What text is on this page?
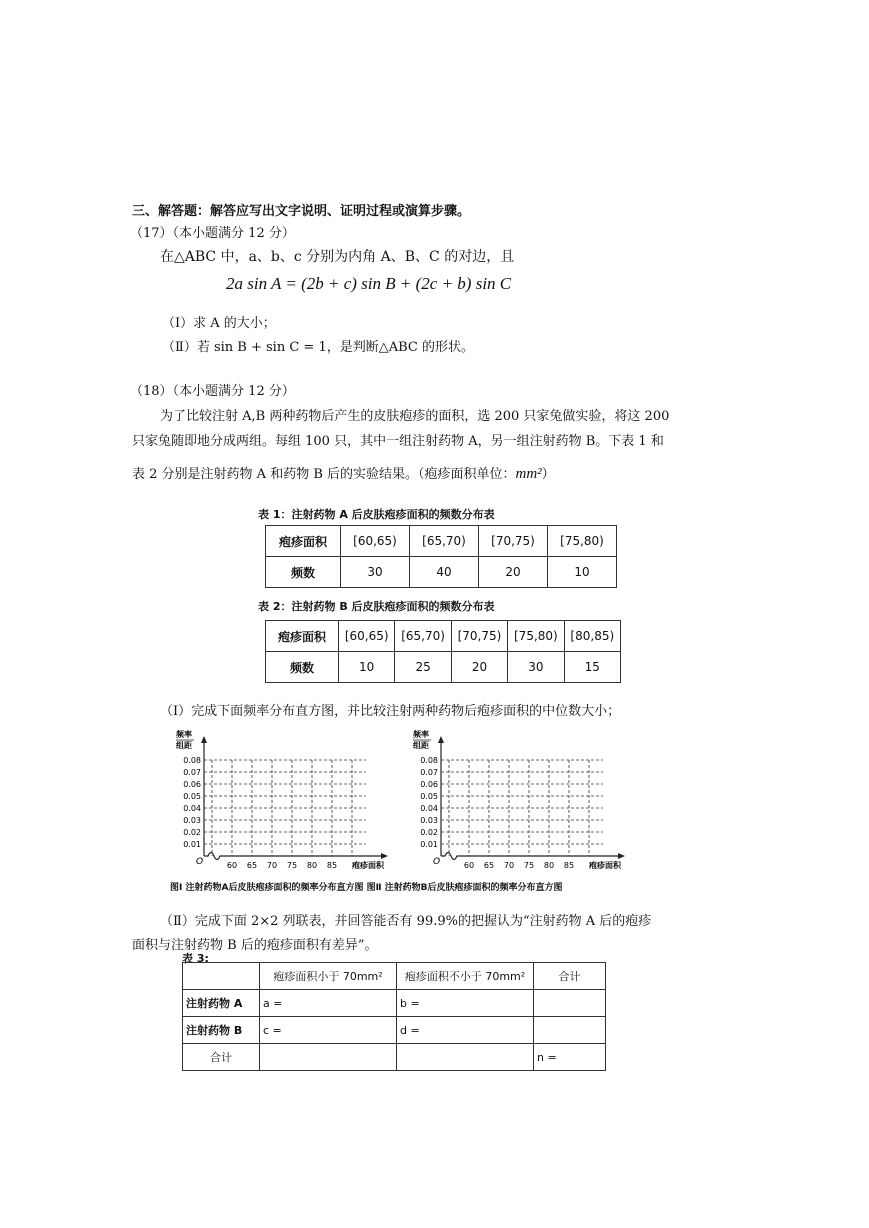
三、解答题：解答应写出文字说明、证明过程或演算步骤。
（17）（本小题满分 12 分）
在△ABC 中，a、b、c 分别为内角 A、B、C 的对边，且
2a sin A = (2b + c) sin B + (2c + b) sin C
（Ⅰ）求 A 的大小；
（Ⅱ）若 sin B + sin C = 1，是判断△ABC 的形状。
（18）（本小题满分 12 分）
为了比较注射 A,B 两种药物后产生的皮肤疱疹的面积，选 200 只家兔做实验，将这 200
只家兔随即地分成两组。每组 100 只，其中一组注射药物 A，另一组注射药物 B。下表 1 和
表 2 分别是注射药物 A 和药物 B 后的实验结果。（疱疹面积单位：mm²）
表 1：注射药物 A 后皮肤疱疹面积的频数分布表
疱疹面积	[60,65)	[65,70)	[70,75)	[75,80)
频数	30	40	20	10
表 2：注射药物 B 后皮肤疱疹面积的频数分布表
疱疹面积	[60,65)	[65,70)	[70,75)	[75,80)	[80,85)
频数	10	25	20	30	15
（Ⅰ）完成下面频率分布直方图，并比较注射两种药物后疱疹面积的中位数大小；
频率
组距
0.08
0.07
0.06
0.05
0.04
0.03
0.02
0.01
60 65 70 75 80 85 疱疹面积
O
频率
组距
0.08
0.07
0.06
0.05
0.04
0.03
0.02
0.01
60 65 70 75 80 85 疱疹面积
O
图Ⅰ 注射药物A后皮肤疱疹面积的频率分布直方图 图Ⅱ 注射药物B后皮肤疱疹面积的频率分布直方图
（Ⅱ）完成下面 2×2 列联表，并回答能否有 99.9%的把握认为“注射药物 A 后的疱疹
面积与注射药物 B 后的疱疹面积有差异”。
表 3:
	疱疹面积小于 70mm²	疱疹面积不小于 70mm²	合计
注射药物 A	a =	b =	
注射药物 B	c =	d =	
合计			n =
